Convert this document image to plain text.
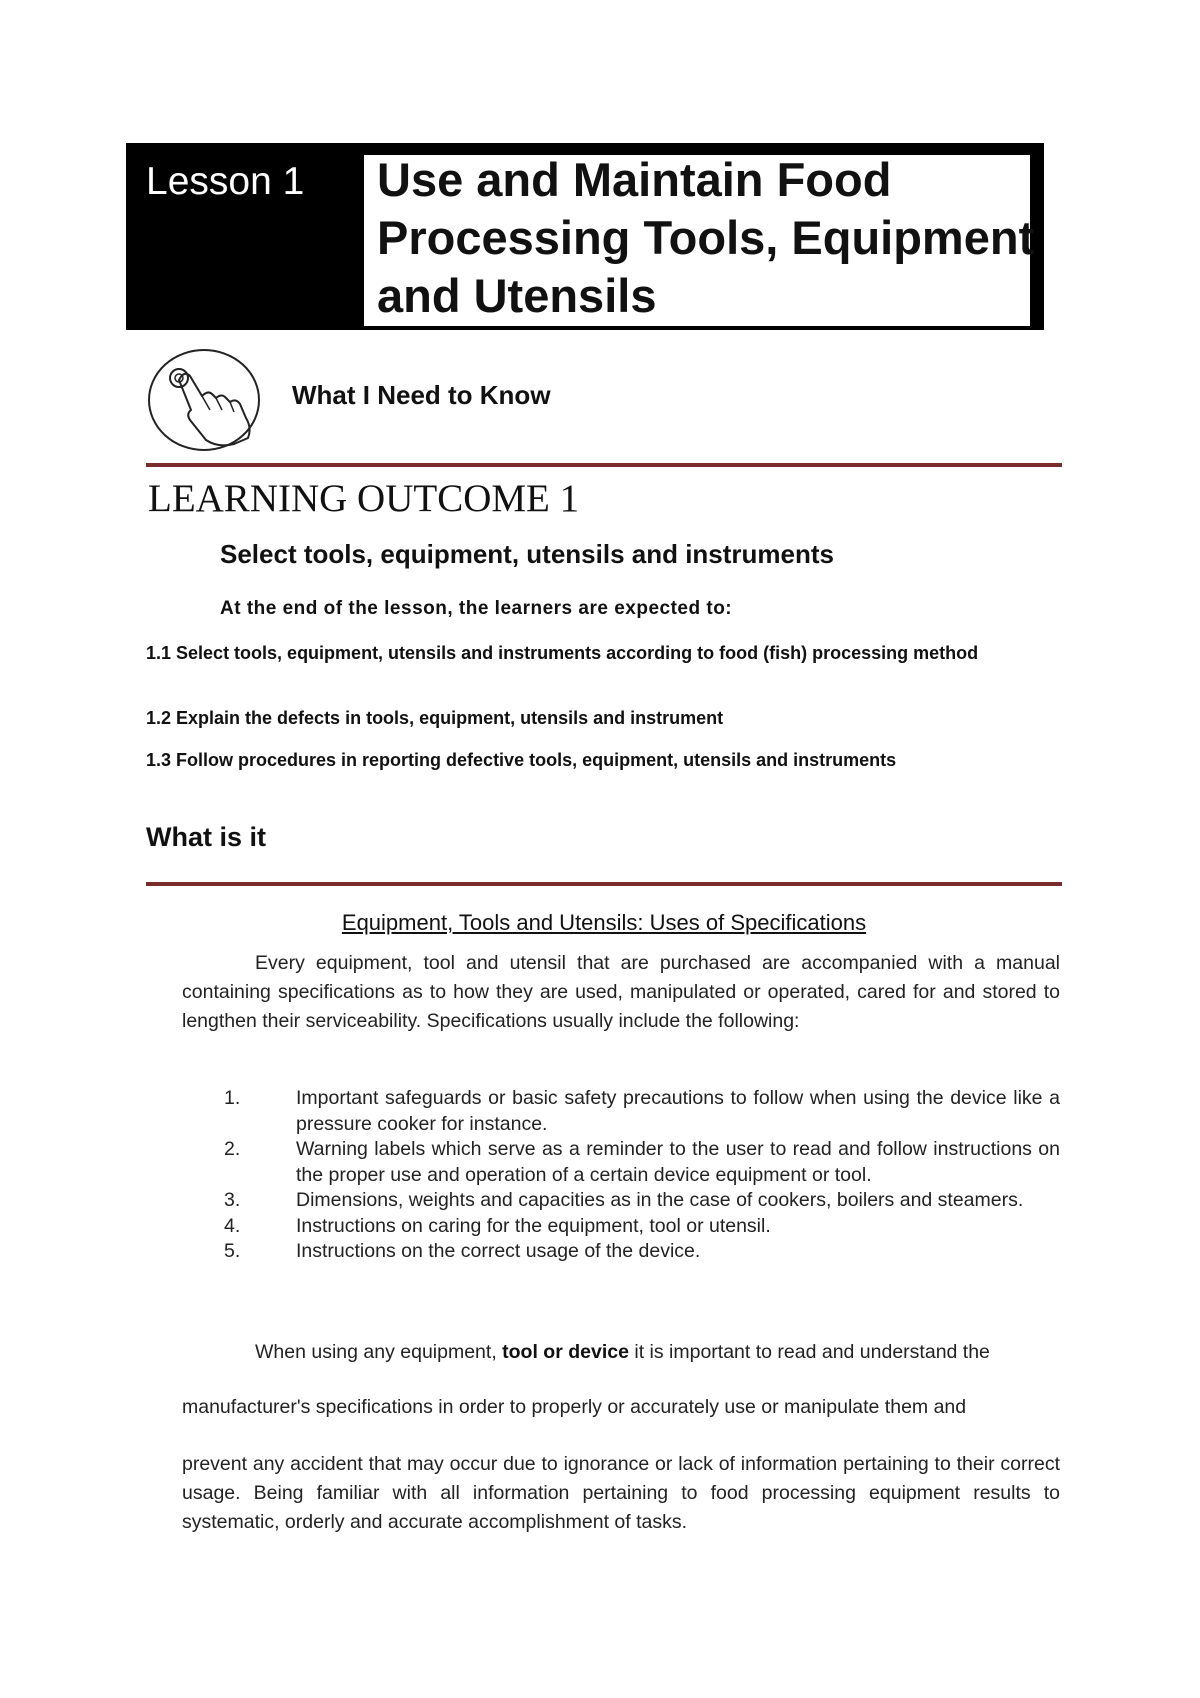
Lesson 1	Use and Maintain Food Processing Tools, Equipment and Utensils
What I Need to Know
LEARNING OUTCOME 1
Select tools, equipment, utensils and instruments
At the end of the lesson, the learners are expected to:
1.1 Select tools, equipment, utensils and instruments according to food (fish) processing method
1.2 Explain the defects in tools, equipment, utensils and instrument
1.3 Follow procedures in reporting defective tools, equipment, utensils and instruments
What is it
Equipment, Tools and Utensils: Uses of Specifications
Every equipment, tool and utensil that are purchased are accompanied with a manual containing specifications as to how they are used, manipulated or operated, cared for and stored to lengthen their serviceability. Specifications usually include the following:
1.	Important safeguards or basic safety precautions to follow when using the device like a pressure cooker for instance.
2.	Warning labels which serve as a reminder to the user to read and follow instructions on the proper use and operation of a certain device equipment or tool.
3.	Dimensions, weights and capacities as in the case of cookers, boilers and steamers.
4.	Instructions on caring for the equipment, tool or utensil.
5.	Instructions on the correct usage of the device.
When using any equipment, tool or device it is important to read and understand the
manufacturer's specifications in order to properly or accurately use or manipulate them and
prevent any accident that may occur due to ignorance or lack of information pertaining to their correct usage. Being familiar with all information pertaining to food processing equipment results to systematic, orderly and accurate accomplishment of tasks.
